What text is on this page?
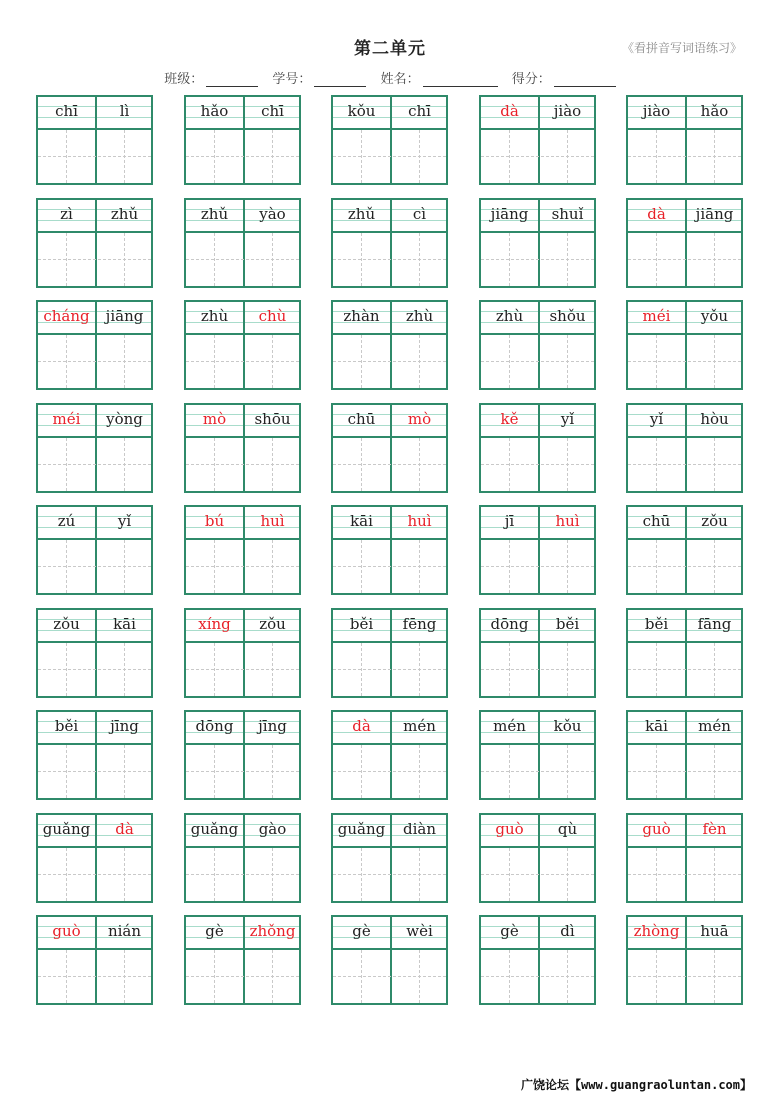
第二单元	《看拼音写词语练习》
班级：	学号：	姓名：	得分：
chī	lì	hǎo	chī	kǒu	chī	dà	jiào	jiào	hǎo
zì	zhǔ	zhǔ	yào	zhǔ	cì	jiāng	shuǐ	dà	jiāng
cháng	jiāng	zhù	chù	zhàn	zhù	zhù	shǒu	méi	yǒu
méi	yòng	mò	shōu	chū	mò	kě	yǐ	yǐ	hòu
zú	yǐ	bú	huì	kāi	huì	jī	huì	chū	zǒu
zǒu	kāi	xíng	zǒu	běi	fēng	dōng	běi	běi	fāng
běi	jīng	dōng	jīng	dà	mén	mén	kǒu	kāi	mén
guǎng	dà	guǎng	gào	guǎng	diàn	guò	qù	guò	fèn
guò	nián	gè	zhǒng	gè	wèi	gè	dì	zhòng	huā
广饶论坛【www.guangraoluntan.com】
